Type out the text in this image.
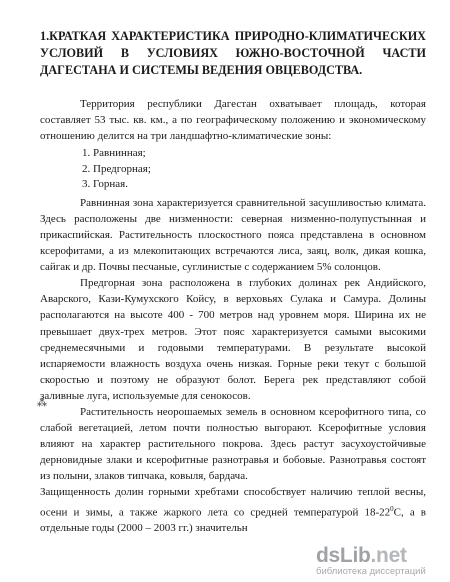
1.КРАТКАЯ ХАРАКТЕРИСТИКА ПРИРОДНО-КЛИМАТИЧЕСКИХ УСЛОВИЙ В УСЛОВИЯХ ЮЖНО-ВОСТОЧНОЙ ЧАСТИ ДАГЕСТАНА И СИСТЕМЫ ВЕДЕНИЯ ОВЦЕВОДСТВА.

Территория республики Дагестан охватывает площадь, которая составляет 53 тыс. кв. км., а по географическому положению и экономическому отношению делится на три ландшафтно-климатические зоны:

1. Равнинная;
2. Предгорная;
3. Горная.

Равнинная зона характеризуется сравнительной засушливостью климата. Здесь расположены две низменности: северная низменно-полупустынная и прикаспийская. Растительность плоскостного пояса представлена в основном ксерофитами, а из млекопитающих встречаются лиса, заяц, волк, дикая кошка, сайгак и др. Почвы песчаные, суглинистые с содержанием 5% солонцов.

Предгорная зона расположена в глубоких долинах рек Андийского, Аварского, Кази-Кумухского Койсу, в верховьях Сулака и Самура. Долины располагаются на высоте 400 - 700 метров над уровнем моря. Ширина их не превышает двух-трех метров. Этот пояс характеризуется самыми высокими среднемесячными и годовыми температурами. В результате высокой испаряемости влажность воздуха очень низкая. Горные реки текут с большой скоростью и поэтому не образуют болот. Берега рек представляют собой заливные луга, используемые для сенокосов.

Растительность неорошаемых земель в основном ксерофитного типа, со слабой вегетацией, летом почти полностью выгорают. Ксерофитные условия влияют на характер растительного покрова. Здесь растут засухоустойчивые дерновидные злаки и ксерофитные разнотравья и бобовые. Разнотравья состоят из полыни, злаков типчака, ковыля, бардача.

Защищенность долин горными хребтами способствует наличию теплой весны, осени и зимы, а также жаркого лета со средней температурой $18-22^0С$, а в отдельные годы (2000 – 2003 гг.) значительн

⁂
dsLib.net
библиотека диссертаций
